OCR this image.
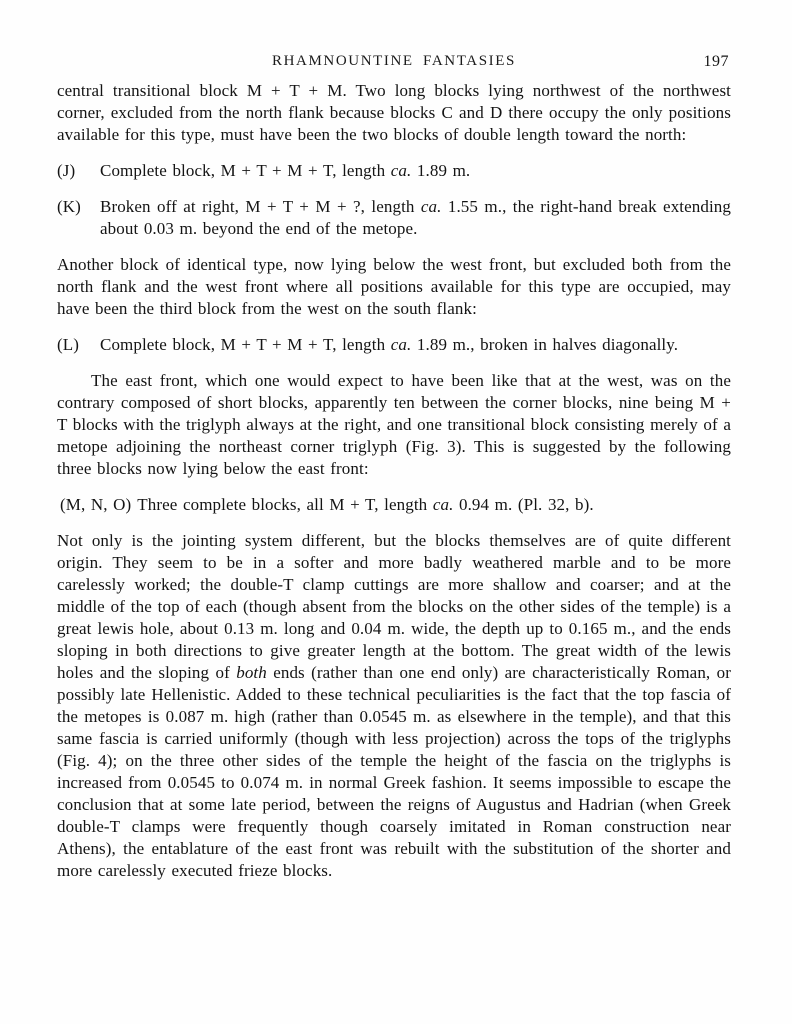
RHAMNOUNTINE FANTASIES	197

central transitional block M + T + M. Two long blocks lying northwest of the northwest corner, excluded from the north flank because blocks C and D there occupy the only positions available for this type, must have been the two blocks of double length toward the north:

(J) Complete block, M + T + M + T, length ca. 1.89 m.
(K) Broken off at right, M + T + M + ?, length ca. 1.55 m., the right-hand break extending about 0.03 m. beyond the end of the metope.

Another block of identical type, now lying below the west front, but excluded both from the north flank and the west front where all positions available for this type are occupied, may have been the third block from the west on the south flank:

(L) Complete block, M + T + M + T, length ca. 1.89 m., broken in halves diagonally.

The east front, which one would expect to have been like that at the west, was on the contrary composed of short blocks, apparently ten between the corner blocks, nine being M + T blocks with the triglyph always at the right, and one transitional block consisting merely of a metope adjoining the northeast corner triglyph (Fig. 3). This is suggested by the following three blocks now lying below the east front:

(M, N, O) Three complete blocks, all M + T, length ca. 0.94 m. (Pl. 32, b).

Not only is the jointing system different, but the blocks themselves are of quite different origin. They seem to be in a softer and more badly weathered marble and to be more carelessly worked; the double-T clamp cuttings are more shallow and coarser; and at the middle of the top of each (though absent from the blocks on the other sides of the temple) is a great lewis hole, about 0.13 m. long and 0.04 m. wide, the depth up to 0.165 m., and the ends sloping in both directions to give greater length at the bottom. The great width of the lewis holes and the sloping of both ends (rather than one end only) are characteristically Roman, or possibly late Hellenistic. Added to these technical peculiarities is the fact that the top fascia of the metopes is 0.087 m. high (rather than 0.0545 m. as elsewhere in the temple), and that this same fascia is carried uniformly (though with less projection) across the tops of the triglyphs (Fig. 4); on the three other sides of the temple the height of the fascia on the triglyphs is increased from 0.0545 to 0.074 m. in normal Greek fashion. It seems impossible to escape the conclusion that at some late period, between the reigns of Augustus and Hadrian (when Greek double-T clamps were frequently though coarsely imitated in Roman construction near Athens), the entablature of the east front was rebuilt with the substitution of the shorter and more carelessly executed frieze blocks.
